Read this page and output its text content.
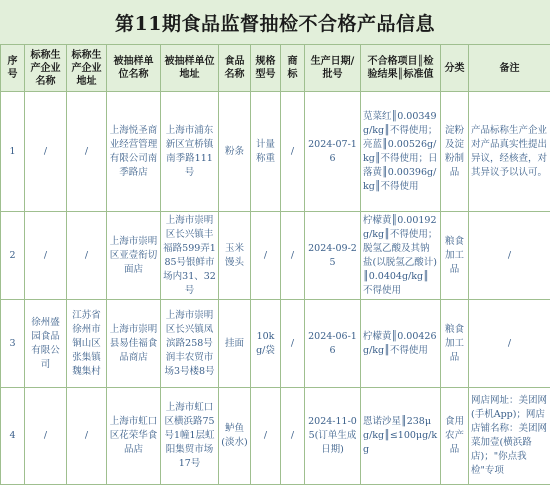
第11期食品监督抽检不合格产品信息
序号	标称生产企业名称	标称生产企业地址	被抽样单位名称	被抽样单位地址	食品名称	规格型号	商标	生产日期/批号	不合格项目║检验结果║标准值	分类	备注
1	/	/	上海悦圣商业经营管理有限公司南季路店	上海市浦东新区宣桥镇南季路111号	粉条	计量称重	/	2024-07-16	苋菜红║0.00349g/kg║不得使用；亮蓝║0.00526g/kg║不得使用；日落黄║0.00396g/kg║不得使用	淀粉及淀粉制品	产品标称生产企业对产品真实性提出异议，经核查，对其异议予以认可。
2	/	/	上海市崇明区亚壹衔切面店	上海市崇明区长兴镇丰福路599弄185号银鲜市场内31、32号	玉米馒头	/	/	2024-09-25	柠檬黄║0.00192g/kg║不得使用；脱氢乙酸及其钠盐(以脱氢乙酸计)║0.0404g/kg║不得使用	粮食加工品	/
3	徐州盛园食品有限公司	江苏省徐州市铜山区张集镇魏集村	上海市崇明县易佳福食品商店	上海市崇明区长兴镇凤滨路258号润丰农贸市场3号楼8号	挂面	10kg/袋	/	2024-06-16	柠檬黄║0.00426g/kg║不得使用	粮食加工品	/
4	/	/	上海市虹口区花荣华食品店	上海市虹口区横浜路75号1幢1层虹阳集贸市场17号	鲈鱼(淡水)	/	/	2024-11-05(订单生成日期)	恩诺沙星║238μg/kg║≤100μg/kg	食用农产品	网店网址：美团网(手机App)；网店店铺名称：美团网菜加壹(横浜路店)；"你点我检"专项
